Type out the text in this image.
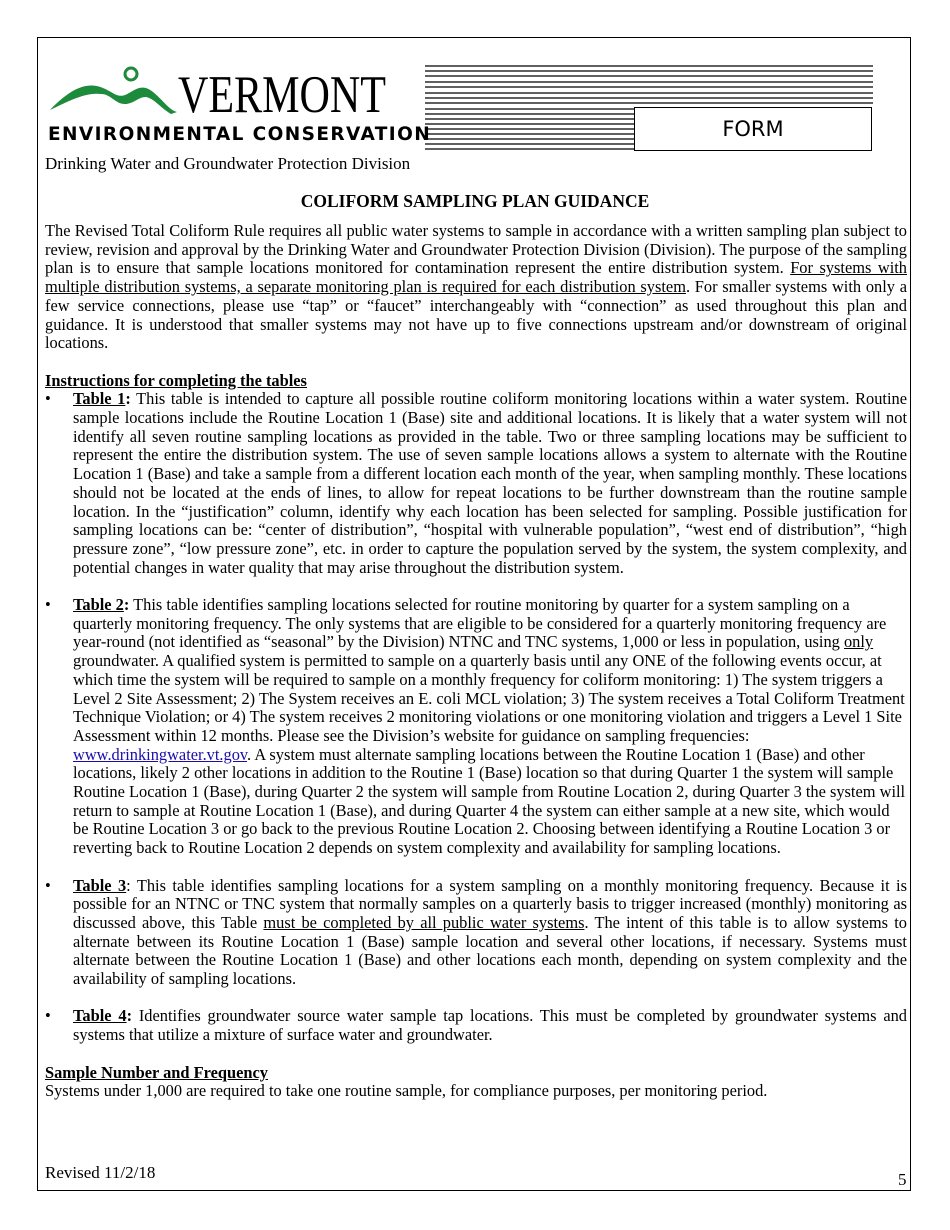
VERMONT
ENVIRONMENTAL CONSERVATION
Drinking Water and Groundwater Protection Division
FORM
COLIFORM SAMPLING PLAN GUIDANCE

The Revised Total Coliform Rule requires all public water systems to sample in accordance with a written sampling plan subject to review, revision and approval by the Drinking Water and Groundwater Protection Division (Division). The purpose of the sampling plan is to ensure that sample locations monitored for contamination represent the entire distribution system. For systems with multiple distribution systems, a separate monitoring plan is required for each distribution system. For smaller systems with only a few service connections, please use “tap” or “faucet” interchangeably with “connection” as used throughout this plan and guidance. It is understood that smaller systems may not have up to five connections upstream and/or downstream of original locations.

Instructions for completing the tables
• Table 1: This table is intended to capture all possible routine coliform monitoring locations within a water system. Routine sample locations include the Routine Location 1 (Base) site and additional locations. It is likely that a water system will not identify all seven routine sampling locations as provided in the table. Two or three sampling locations may be sufficient to represent the entire the distribution system. The use of seven sample locations allows a system to alternate with the Routine Location 1 (Base) and take a sample from a different location each month of the year, when sampling monthly. These locations should not be located at the ends of lines, to allow for repeat locations to be further downstream than the routine sample location. In the “justification” column, identify why each location has been selected for sampling. Possible justification for sampling locations can be: “center of distribution”, “hospital with vulnerable population”, “west end of distribution”, “high pressure zone”, “low pressure zone”, etc. in order to capture the population served by the system, the system complexity, and potential changes in water quality that may arise throughout the distribution system.
• Table 2: This table identifies sampling locations selected for routine monitoring by quarter for a system sampling on a quarterly monitoring frequency. The only systems that are eligible to be considered for a quarterly monitoring frequency are year-round (not identified as “seasonal” by the Division) NTNC and TNC systems, 1,000 or less in population, using only groundwater. A qualified system is permitted to sample on a quarterly basis until any ONE of the following events occur, at which time the system will be required to sample on a monthly frequency for coliform monitoring: 1) The system triggers a Level 2 Site Assessment; 2) The System receives an E. coli MCL violation; 3) The system receives a Total Coliform Treatment Technique Violation; or 4) The system receives 2 monitoring violations or one monitoring violation and triggers a Level 1 Site Assessment within 12 months. Please see the Division’s website for guidance on sampling frequencies: www.drinkingwater.vt.gov. A system must alternate sampling locations between the Routine Location 1 (Base) and other locations, likely 2 other locations in addition to the Routine 1 (Base) location so that during Quarter 1 the system will sample Routine Location 1 (Base), during Quarter 2 the system will sample from Routine Location 2, during Quarter 3 the system will return to sample at Routine Location 1 (Base), and during Quarter 4 the system can either sample at a new site, which would be Routine Location 3 or go back to the previous Routine Location 2. Choosing between identifying a Routine Location 3 or reverting back to Routine Location 2 depends on system complexity and availability for sampling locations.
• Table 3: This table identifies sampling locations for a system sampling on a monthly monitoring frequency. Because it is possible for an NTNC or TNC system that normally samples on a quarterly basis to trigger increased (monthly) monitoring as discussed above, this Table must be completed by all public water systems. The intent of this table is to allow systems to alternate between its Routine Location 1 (Base) sample location and several other locations, if necessary. Systems must alternate between the Routine Location 1 (Base) and other locations each month, depending on system complexity and the availability of sampling locations.
• Table 4: Identifies groundwater source water sample tap locations. This must be completed by groundwater systems and systems that utilize a mixture of surface water and groundwater.
Sample Number and Frequency

Systems under 1,000 are required to take one routine sample, for compliance purposes, per monitoring period.

Revised 11/2/18	5
